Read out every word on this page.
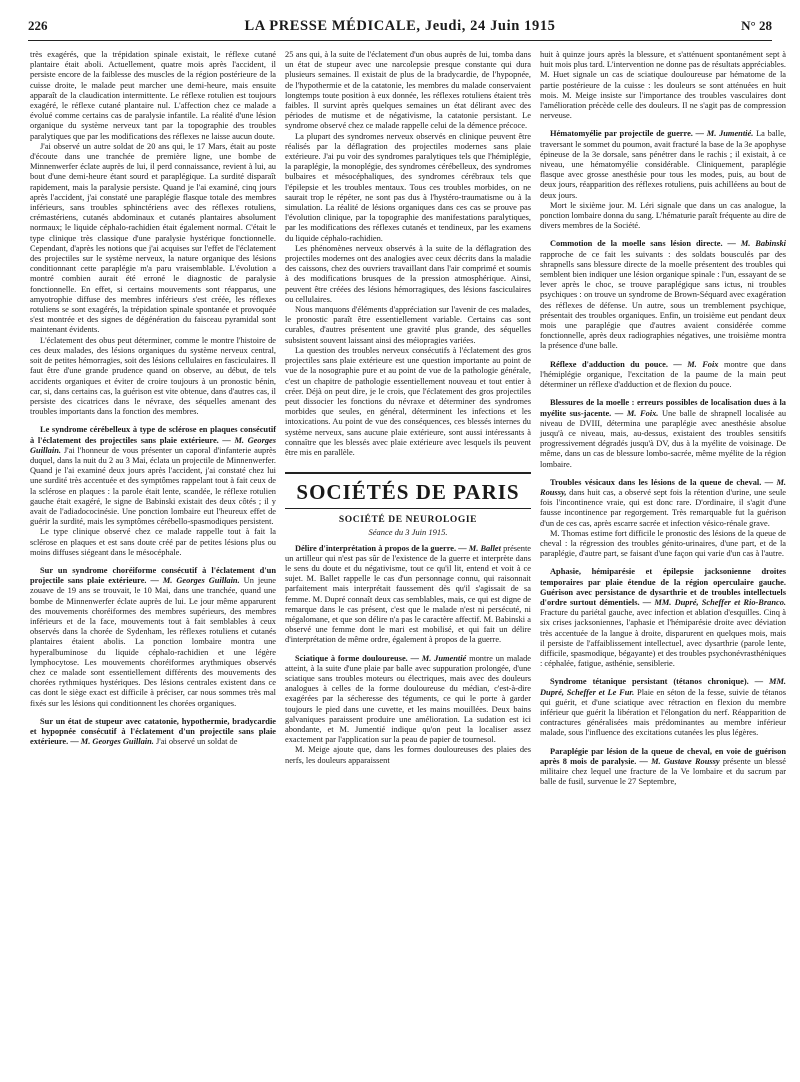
226	LA PRESSE MÉDICALE, Jeudi, 24 Juin 1915	N° 28

très exagérés, que la trépidation spinale existait, le réflexe cutané plantaire était aboli. Actuellement, quatre mois après l'accident, il persiste encore de la faiblesse des muscles de la région postérieure de la cuisse droite, le malade peut marcher une demi-heure, mais ensuite apparaît de la claudication intermittente. Le réflexe rotulien est toujours exagéré, le réflexe cutané plantaire nul. L'affection chez ce malade a évolué comme certains cas de paralysie infantile. La réalité d'une lésion organique du système nerveux tant par la topographie des troubles paralytiques que par les modifications des réflexes ne laisse aucun doute.

J'ai observé un autre soldat de 20 ans qui, le 17 Mars, était au poste d'écoute dans une tranchée de première ligne, une bombe de Minnenwerfer éclate auprès de lui, il perd connaissance, revient à lui, au bout d'une demi-heure étant sourd et paraplégique. La surdité disparaît rapidement, mais la paralysie persiste. Quand je l'ai examiné, cinq jours après l'accident, j'ai constaté une paraplégie flasque totale des membres inférieurs, sans troubles sphinctériens avec des réflexes rotuliens, crémastériens, cutanés abdominaux et cutanés plantaires absolument normaux; le liquide céphalo-rachidien était également normal. C'était le type clinique très classique d'une paralysie hystérique fonctionnelle. Cependant, d'après les notions que j'ai acquises sur l'effet de l'éclatement des projectiles sur le système nerveux, la nature organique des lésions conditionnant cette paraplégie m'a paru vraisemblable. L'évolution a montré combien aurait été erroné le diagnostic de paralysie fonctionnelle. En effet, si certains mouvements sont réapparus, une amyotrophie diffuse des membres inférieurs s'est créée, les réflexes rotuliens se sont exagérés, la trépidation spinale spontanée et provoquée s'est montrée et des signes de dégénération du faisceau pyramidal sont maintenant évidents.

L'éclatement des obus peut déterminer, comme le montre l'histoire de ces deux malades, des lésions organiques du système nerveux central, soit de petites hémorragies, soit des lésions cellulaires en fasciculaires. Il faut être d'une grande prudence quand on observe, au début, de tels accidents organiques et éviter de croire toujours à un pronostic bénin, car, si, dans certains cas, la guérison est vite obtenue, dans d'autres cas, il persiste des cicatrices dans le névraxe, des séquelles amenant des troubles importants dans la fonction des membres.

Le syndrome cérébelleux à type de sclérose en plaques consécutif à l'éclatement des projectiles sans plaie extérieure. — M. Georges Guillain. J'ai l'honneur de vous présenter un caporal d'infanterie auprès duquel, dans la nuit du 2 au 3 Mai, éclata un projectile de Minnenwerfer. Quand je l'ai examiné deux jours après l'accident, j'ai constaté chez lui une surdité très accentuée et des symptômes rappelant tout à fait ceux de la sclérose en plaques : la parole était lente, scandée, le réflexe rotulien gauche était exagéré, le signe de Babinski existait des deux côtés ; il y avait de l'adiadococinésie. Une ponction lombaire eut l'heureux effet de guérir la surdité, mais les symptômes cérébello-spasmodiques persistent.

Le type clinique observé chez ce malade rappelle tout à fait la sclérose en plaques et est sans doute créé par de petites lésions plus ou moins diffuses siégeant dans le mésocéphale.

Sur un syndrome choréiforme consécutif à l'éclatement d'un projectile sans plaie extérieure. — M. Georges Guillain. Un jeune zouave de 19 ans se trouvait, le 10 Mai, dans une tranchée, quand une bombe de Minnenwerfer éclate auprès de lui. Le jour même apparurent des mouvements choréiformes des membres supérieurs, des membres inférieurs et de la face, mouvements tout à fait semblables à ceux observés dans la chorée de Sydenham, les réflexes rotuliens et cutanés plantaires étaient abolis. La ponction lombaire montra une hyperalbuminose du liquide céphalo-rachidien et une légère lymphocytose. Les mouvements choréiformes arythmiques observés chez ce malade sont essentiellement différents des mouvements des chorées rythmiques hystériques. Des lésions centrales existent dans ce cas dont le siège exact est difficile à préciser, car nous sommes très mal fixés sur les lésions qui conditionnent les chorées organiques.

Sur un état de stupeur avec catatonie, hypothermie, bradycardie et hypopnée consécutif à l'éclatement d'un projectile sans plaie extérieure. — M. Georges Guillain. J'ai observé un soldat de

25 ans qui, à la suite de l'éclatement d'un obus auprès de lui, tomba dans un état de stupeur avec une narcolepsie presque constante qui dura plusieurs semaines. Il existait de plus de la bradycardie, de l'hypopnée, de l'hypothermie et de la catatonie, les membres du malade conservaient longtemps toute position à eux donnée, les réflexes rotuliens étaient très faibles. Il survint après quelques semaines un état délirant avec des périodes de mutisme et de négativisme, la catatonie persistant. Le syndrome observé chez ce malade rappelle celui de la démence précoce.

La plupart des syndromes nerveux observés en clinique peuvent être réalisés par la déflagration des projectiles modernes sans plaie extérieure. J'ai pu voir des syndromes paralytiques tels que l'hémiplégie, la paraplégie, la monoplégie, des syndromes cérébelleux, des syndromes bulbaires et mésocéphaliques, des syndromes cérébraux tels que l'épilepsie et les troubles mentaux. Tous ces troubles morbides, on ne saurait trop le répéter, ne sont pas dus à l'hystéro-traumatisme ou à la simulation. La réalité de lésions organiques dans ces cas se prouve pas l'évolution clinique, par la topographie des manifestations paralytiques, par les modifications des réflexes cutanés et tendineux, par les examens du liquide céphalo-rachidien.

Les phénomènes nerveux observés à la suite de la déflagration des projectiles modernes ont des analogies avec ceux décrits dans la maladie des caissons, chez des ouvriers travaillant dans l'air comprimé et soumis à des modifications brusques de la pression atmosphérique. Ainsi, peuvent être créées des lésions hémorragiques, des lésions fasciculaires ou cellulaires.

Nous manquons d'éléments d'appréciation sur l'avenir de ces malades, le pronostic paraît être essentiellement variable. Certains cas sont curables, d'autres présentent une gravité plus grande, des séquelles subsistent souvent laissant ainsi des méiopragies variées.

La question des troubles nerveux consécutifs à l'éclatement des gros projectiles sans plaie extérieure est une question importante au point de vue de la nosographie pure et au point de vue de la pathologie générale, c'est un chapitre de pathologie essentiellement nouveau et tout entier à créer. Déjà on peut dire, je le crois, que l'éclatement des gros projectiles peut dissocier les fonctions du névraxe et déterminer des syndromes morbides que seules, en général, déterminent les infections et les intoxications. Au point de vue des conséquences, ces blessés internes du système nerveux, sans aucune plaie extérieure, sont aussi intéressants à connaître que les blessés avec plaie extérieure avec lesquels ils peuvent être mis en parallèle.

SOCIÉTÉS DE PARIS
SOCIÉTÉ DE NEUROLOGIE
Séance du 3 Juin 1915.

Délire d'interprétation à propos de la guerre. — M. Ballet présente un artilleur qui n'est pas sûr de l'existence de la guerre et interprète dans le sens du doute et du négativisme, tout ce qu'il lit, entend et voit à ce sujet. M. Ballet rappelle le cas d'un personnage connu, qui raisonnait parfaitement mais interprétait faussement dès qu'il s'agissait de sa femme. M. Dupré connaît deux cas semblables, mais, ce qui est digne de remarque dans le cas présent, c'est que le malade n'est ni persécuté, ni mégalomane, et que son délire n'a pas le caractère affectif. M. Babinski a observé une femme dont le mari est mobilisé, et qui fait un délire d'interprétation de même ordre, également à propos de la guerre.

Sciatique à forme douloureuse. — M. Jumentié montre un malade atteint, à la suite d'une plaie par balle avec suppuration prolongée, d'une sciatique sans troubles moteurs ou électriques, mais avec des douleurs analogues à celles de la forme douloureuse du médian, c'est-à-dire exagérées par la sécheresse des téguments, ce qui le porte à garder toujours le pied dans une cuvette, et les mains mouillées. Deux bains galvaniques paraissent produire une amélioration. La sudation est ici abondante, et M. Jumentié indique qu'on peut la localiser assez exactement par l'application sur la peau de papier de tournesol.

M. Meige ajoute que, dans les formes douloureuses des plaies des nerfs, les douleurs apparaissent

huit à quinze jours après la blessure, et s'atténuent spontanément sept à huit mois plus tard. L'intervention ne donne pas de résultats appréciables. M. Huet signale un cas de sciatique douloureuse par hématome de la partie postérieure de la cuisse : les douleurs se sont atténuées en huit mois. M. Meige insiste sur l'importance des troubles vasculaires dont l'amélioration précède celle des douleurs. Il ne s'agit pas de compression nerveuse.

Hématomyélie par projectile de guerre. — M. Jumentié. La balle, traversant le sommet du poumon, avait fracturé la base de la 3e apophyse épineuse de la 3e dorsale, sans pénétrer dans le rachis ; il existait, à ce niveau, une hématomyélie considérable. Cliniquement, paraplégie flasque avec grosse anesthésie pour tous les modes, puis, au bout de deux jours, réapparition des réflexes rotuliens, puis achilléens au bout de deux jours.

Mort le sixième jour. M. Léri signale que dans un cas analogue, la ponction lombaire donna du sang. L'hématurie paraît fréquente au dire de divers membres de la Société.

Commotion de la moelle sans lésion directe. — M. Babinski rapproche de ce fait les suivants : des soldats bousculés par des shrapnells sans blessure directe de la moelle présentent des troubles qui semblent bien indiquer une lésion organique spinale : l'un, essayant de se lever après le choc, se trouve paraplégique sans ictus, ni troubles psychiques : on trouve un syndrome de Brown-Séquard avec exagération des réflexes de défense. Un autre, sous un tremblement psychique, présentait des troubles organiques. Enfin, un troisième eut pendant deux mois une paraplégie que d'autres avaient considérée comme fonctionnelle, après deux radiographies négatives, une troisième montra la présence d'une balle.

Réflexe d'adduction du pouce. — M. Foix montre que dans l'hémiplégie organique, l'excitation de la paume de la main peut déterminer un réflexe d'adduction et de flexion du pouce.

Blessures de la moelle : erreurs possibles de localisation dues à la myélite sus-jacente. — M. Foix. Une balle de shrapnell localisée au niveau de DVIII, détermina une paraplégie avec anesthésie absolue jusqu'à ce niveau, mais, au-dessus, existaient des troubles sensitifs progressivement dégradés jusqu'à DV, dus à la myélite de voisinage. De même, dans un cas de blessure lombo-sacrée, même myélite de la région lombaire.

Troubles vésicaux dans les lésions de la queue de cheval. — M. Roussy, dans huit cas, a observé sept fois la rétention d'urine, une seule fois l'incontinence vraie, qui est donc rare. D'ordinaire, il s'agit d'une fausse incontinence par regorgement. Très remarquable fut la guérison d'un de ces cas, après escarre sacrée et infection vésico-rénale grave.

M. Thomas estime fort difficile le pronostic des lésions de la queue de cheval : la régression des troubles génito-urinaires, d'une part, et de la paraplégie, d'autre part, se faisant d'une façon qui varie d'un cas à l'autre.

Aphasie, hémiparésie et épilepsie jacksonienne droites temporaires par plaie étendue de la région operculaire gauche. Guérison avec persistance de dysarthrie et de troubles intellectuels d'ordre surtout démentiels. — MM. Dupré, Scheffer et Rio-Branco. Fracture du pariétal gauche, avec infection et ablation d'esquilles. Cinq à six crises jacksoniennes, l'aphasie et l'hémiparésie droite avec déviation très accentuée de la langue à droite, disparurent en quelques mois, mais il persiste de l'affaiblissement intellectuel, avec dysarthrie (parole lente, difficile, spasmodique, bégayante) et des troubles psychonévrasthéniques : céphalée, fatigue, asthénie, sensiblerie.

Syndrome tétanique persistant (tétanos chronique). — MM. Dupré, Scheffer et Le Fur. Plaie en séton de la fesse, suivie de tétanos qui guérit, et d'une sciatique avec rétraction en flexion du membre inférieur que guérit la libération et l'élongation du nerf. Réapparition de contractures généralisées mais prédominantes au membre inférieur malade, sous l'influence des excitations cutanées les plus légères.

Paraplégie par lésion de la queue de cheval, en voie de guérison après 8 mois de paralysie. — M. Gustave Roussy présente un blessé militaire chez lequel une fracture de la Ve lombaire et du sacrum par balle de fusil, survenue le 27 Septembre,
